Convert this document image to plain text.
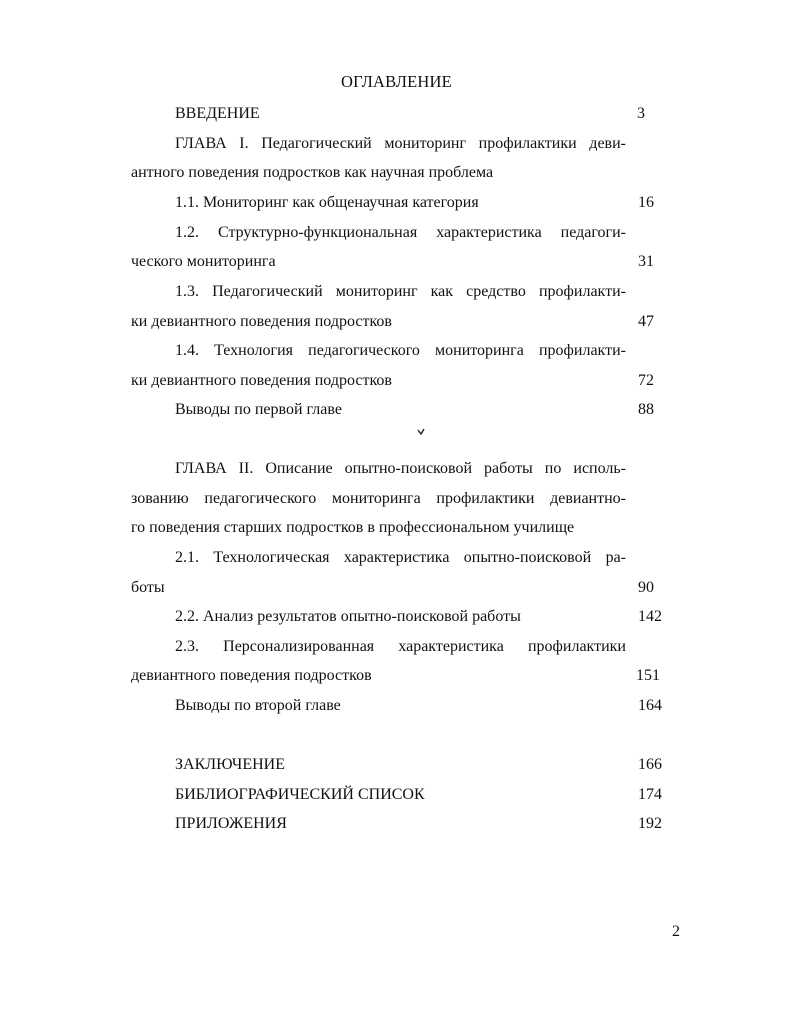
ОГЛАВЛЕНИЕ
ВВЕДЕНИЕ	3
ГЛАВА I. Педагогический мониторинг профилактики деви-
антного поведения подростков как научная проблема
1.1. Мониторинг как общенаучная категория	16
1.2. Структурно-функциональная характеристика педагоги-
ческого мониторинга	31
1.3. Педагогический мониторинг как средство профилакти-
ки девиантного поведения подростков	47
1.4. Технология педагогического мониторинга профилакти-
ки девиантного поведения подростков	72
Выводы по первой главе	88
ГЛАВА II. Описание опытно-поисковой работы по исполь-
зованию педагогического мониторинга профилактики девиантно-
го поведения старших подростков в профессиональном училище
2.1. Технологическая характеристика опытно-поисковой ра-
боты	90
2.2. Анализ результатов опытно-поисковой работы	142
2.3. Персонализированная характеристика профилактики
девиантного поведения подростков	151
Выводы по второй главе	164
ЗАКЛЮЧЕНИЕ	166
БИБЛИОГРАФИЧЕСКИЙ СПИСОК	174
ПРИЛОЖЕНИЯ	192
2
